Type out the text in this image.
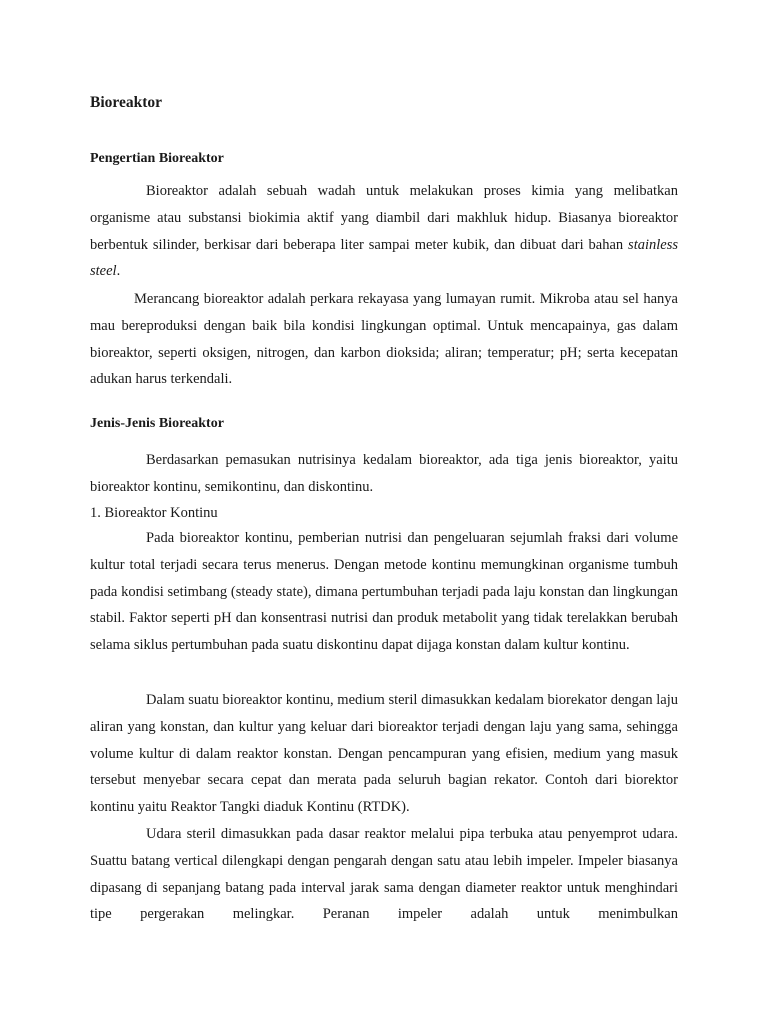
Bioreaktor
Pengertian Bioreaktor

Bioreaktor adalah sebuah wadah untuk melakukan proses kimia yang melibatkan organisme atau substansi biokimia aktif yang diambil dari makhluk hidup. Biasanya bioreaktor berbentuk silinder, berkisar dari beberapa liter sampai meter kubik, dan dibuat dari bahan stainless steel.

Merancang bioreaktor adalah perkara rekayasa yang lumayan rumit. Mikroba atau sel hanya mau bereproduksi dengan baik bila kondisi lingkungan optimal. Untuk mencapainya, gas dalam bioreaktor, seperti oksigen, nitrogen, dan karbon dioksida; aliran; temperatur; pH; serta kecepatan adukan harus terkendali.

Jenis-Jenis Bioreaktor

Berdasarkan pemasukan nutrisinya kedalam bioreaktor, ada tiga jenis bioreaktor, yaitu bioreaktor kontinu, semikontinu, dan diskontinu.

1. Bioreaktor Kontinu

Pada bioreaktor kontinu, pemberian nutrisi dan pengeluaran sejumlah fraksi dari volume kultur total terjadi secara terus menerus. Dengan metode kontinu memungkinan organisme tumbuh pada kondisi setimbang (steady state), dimana pertumbuhan terjadi pada laju konstan dan lingkungan stabil. Faktor seperti pH dan konsentrasi nutrisi dan produk metabolit yang tidak terelakkan berubah selama siklus pertumbuhan pada suatu diskontinu dapat dijaga konstan dalam kultur kontinu.

Dalam suatu bioreaktor kontinu, medium steril dimasukkan kedalam biorekator dengan laju aliran yang konstan, dan kultur yang keluar dari bioreaktor terjadi dengan laju yang sama, sehingga volume kultur di dalam reaktor konstan. Dengan pencampuran yang efisien, medium yang masuk tersebut menyebar secara cepat dan merata pada seluruh bagian rekator. Contoh dari biorektor kontinu yaitu Reaktor Tangki diaduk Kontinu (RTDK).

Udara steril dimasukkan pada dasar reaktor melalui pipa terbuka atau penyemprot udara. Suattu batang vertical dilengkapi dengan pengarah dengan satu atau lebih impeler. Impeler biasanya dipasang di sepanjang batang pada interval jarak sama dengan diameter reaktor untuk menghindari tipe pergerakan melingkar. Peranan impeler adalah untuk menimbulkan
